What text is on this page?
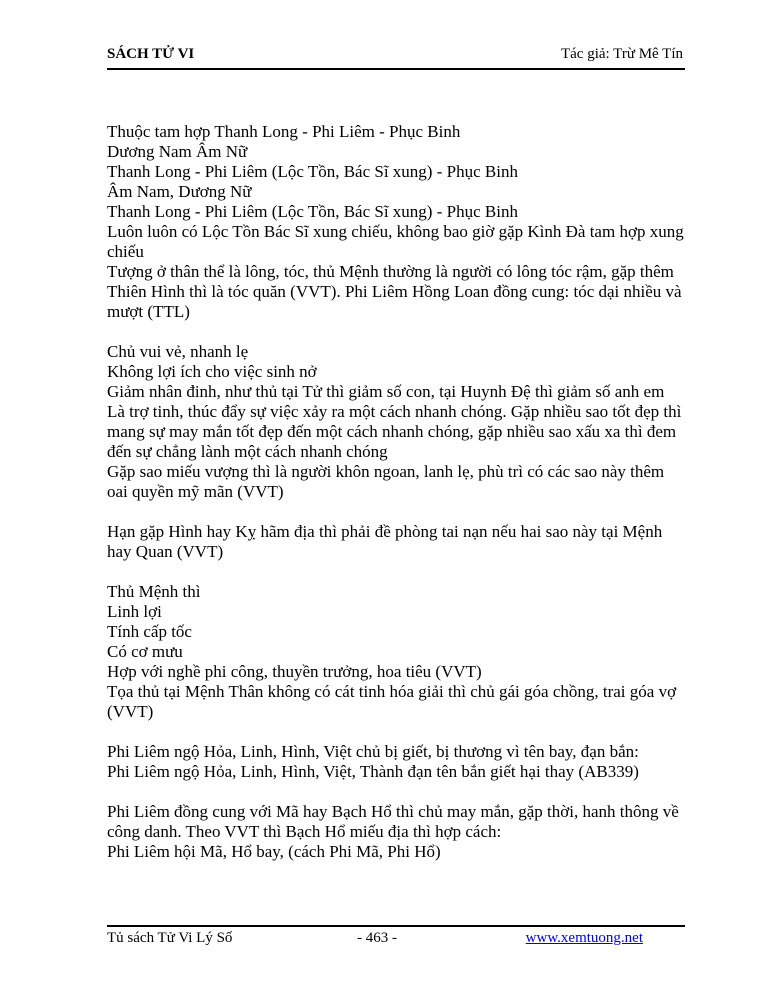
SÁCH TỬ VI	Tác giả: Trừ Mê Tín
Thuộc tam hợp Thanh Long - Phi Liêm - Phục Binh
Dương Nam Âm Nữ
Thanh Long - Phi Liêm (Lộc Tồn, Bác Sĩ xung) - Phục Binh
Âm Nam, Dương Nữ
Thanh Long - Phi Liêm (Lộc Tồn, Bác Sĩ xung) - Phục Binh
Luôn luôn có Lộc Tồn Bác Sĩ xung chiếu, không bao giờ gặp Kình Đà tam hợp xung chiếu
Tượng ở thân thể là lông, tóc, thủ Mệnh thường là người có lông tóc rậm, gặp thêm Thiên Hình thì là tóc quăn (VVT). Phi Liêm Hồng Loan đồng cung: tóc dại nhiều và mượt (TTL)
Chủ vui vẻ, nhanh lẹ
Không lợi ích cho việc sinh nở
Giảm nhân đinh, như thủ tại Tử thì giảm số con, tại Huynh Đệ thì giảm số anh em
Là trợ tinh, thúc đẩy sự việc xảy ra một cách nhanh chóng. Gặp nhiều sao tốt đẹp thì mang sự may mắn tốt đẹp đến một cách nhanh chóng, gặp nhiều sao xấu xa thì đem đến sự chẳng lành một cách nhanh chóng
Gặp sao miếu vượng thì là người khôn ngoan, lanh lẹ, phù trì có các sao này thêm oai quyền mỹ mãn (VVT)
Hạn gặp Hình hay Kỵ hãm địa thì phải đề phòng tai nạn nếu hai sao này tại Mệnh hay Quan (VVT)
Thủ Mệnh thì
Linh lợi
Tính cấp tốc
Có cơ mưu
Hợp với nghề phi công, thuyền trưởng, hoa tiêu (VVT)
Tọa thủ tại Mệnh Thân không có cát tinh hóa giải thì chủ gái góa chồng, trai góa vợ (VVT)
Phi Liêm ngộ Hỏa, Linh, Hình, Việt chủ bị giết, bị thương vì tên bay, đạn bắn:
Phi Liêm ngộ Hỏa, Linh, Hình, Việt, Thành đạn tên bắn giết hại thay (AB339)
Phi Liêm đồng cung với Mã hay Bạch Hổ thì chủ may mắn, gặp thời, hanh thông về công danh. Theo VVT thì Bạch Hổ miếu địa thì hợp cách:
Phi Liêm hội Mã, Hổ bay, (cách Phi Mã, Phi Hổ)
Tủ sách Tử Vi Lý Số	- 463 -	www.xemtuong.net
